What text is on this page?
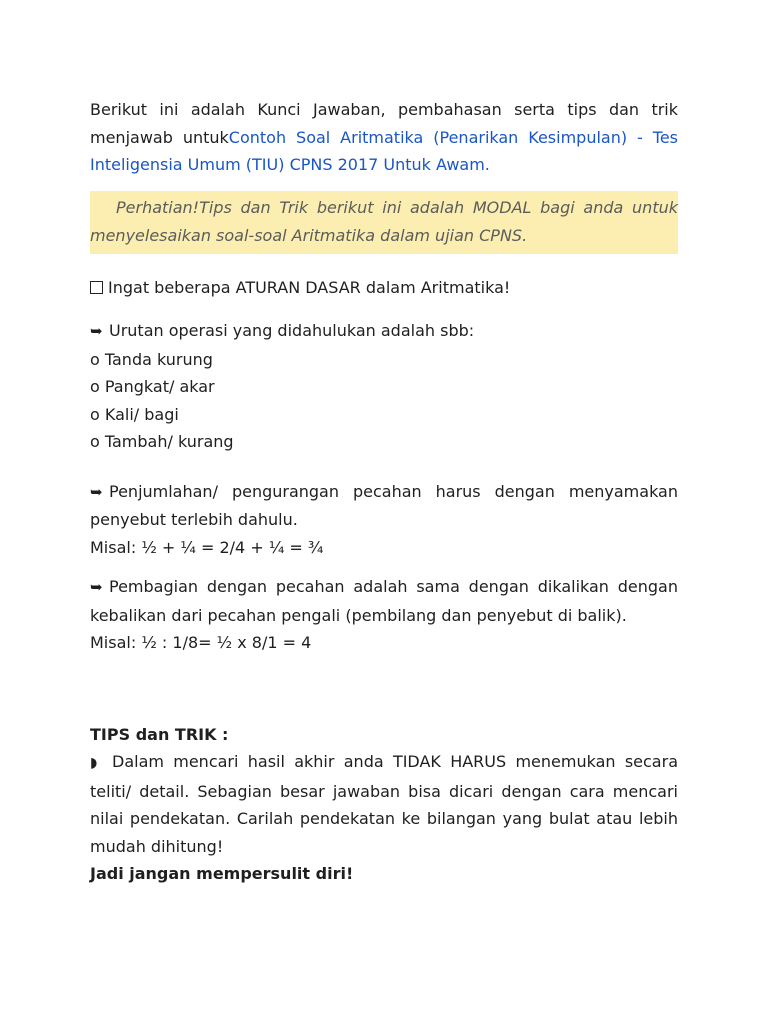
Berikut ini adalah Kunci Jawaban, pembahasan serta tips dan trik menjawab untukContoh Soal Aritmatika (Penarikan Kesimpulan) - Tes Inteligensia Umum (TIU) CPNS 2017 Untuk Awam.

Perhatian!Tips dan Trik berikut ini adalah MODAL bagi anda untuk menyelesaikan soal-soal Aritmatika dalam ujian CPNS.

Ingat beberapa ATURAN DASAR dalam Aritmatika!

➥ Urutan operasi yang didahulukan adalah sbb:

o Tanda kurung

o Pangkat/ akar

o Kali/ bagi

o Tambah/ kurang

➥ Penjumlahan/ pengurangan pecahan harus dengan menyamakan penyebut terlebih dahulu.

Misal: ½ + ¼ = 2/4 + ¼ = ¾

➥ Pembagian dengan pecahan adalah sama dengan dikalikan dengan kebalikan dari pecahan pengali (pembilang dan penyebut di balik).

Misal: ½ : 1/8= ½ x 8/1 = 4

TIPS dan TRIK :

◗ Dalam mencari hasil akhir anda TIDAK HARUS menemukan secara teliti/ detail. Sebagian besar jawaban bisa dicari dengan cara mencari nilai pendekatan. Carilah pendekatan ke bilangan yang bulat atau lebih mudah dihitung!

Jadi jangan mempersulit diri!
